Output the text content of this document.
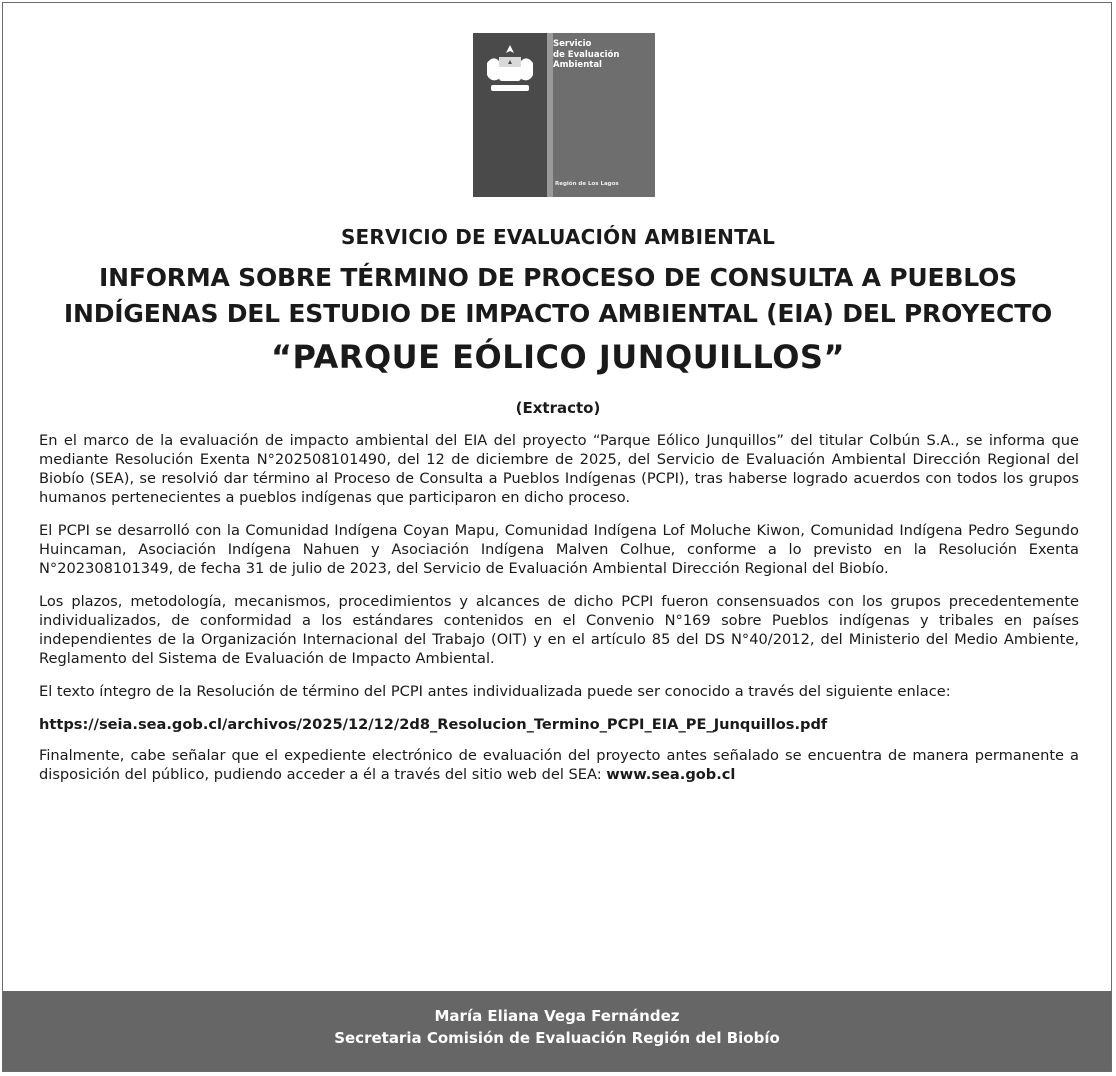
Servicio
de Evaluación
Ambiental
Región de Los Lagos
SERVICIO DE EVALUACIÓN AMBIENTAL
INFORMA SOBRE TÉRMINO DE PROCESO DE CONSULTA A PUEBLOS
INDÍGENAS DEL ESTUDIO DE IMPACTO AMBIENTAL (EIA) DEL PROYECTO
“PARQUE EÓLICO JUNQUILLOS”
(Extracto)

En el marco de la evaluación de impacto ambiental del EIA del proyecto “Parque Eólico Junquillos” del titular Colbún S.A., se informa que mediante Resolución Exenta N°202508101490, del 12 de diciembre de 2025, del Servicio de Evaluación Ambiental Dirección Regional del Biobío (SEA), se resolvió dar término al Proceso de Consulta a Pueblos Indígenas (PCPI), tras haberse logrado acuerdos con todos los grupos humanos pertenecientes a pueblos indígenas que participaron en dicho proceso.

El PCPI se desarrolló con la Comunidad Indígena Coyan Mapu, Comunidad Indígena Lof Moluche Kiwon, Comunidad Indígena Pedro Segundo Huincaman, Asociación Indígena Nahuen y Asociación Indígena Malven Colhue, conforme a lo previsto en la Resolución Exenta N°202308101349, de fecha 31 de julio de 2023, del Servicio de Evaluación Ambiental Dirección Regional del Biobío.

Los plazos, metodología, mecanismos, procedimientos y alcances de dicho PCPI fueron consensuados con los grupos precedentemente individualizados, de conformidad a los estándares contenidos en el Convenio N°169 sobre Pueblos indígenas y tribales en países independientes de la Organización Internacional del Trabajo (OIT) y en el artículo 85 del DS N°40/2012, del Ministerio del Medio Ambiente, Reglamento del Sistema de Evaluación de Impacto Ambiental.

El texto íntegro de la Resolución de término del PCPI antes individualizada puede ser conocido a través del siguiente enlace:

https://seia.sea.gob.cl/archivos/2025/12/12/2d8_Resolucion_Termino_PCPI_EIA_PE_Junquillos.pdf

Finalmente, cabe señalar que el expediente electrónico de evaluación del proyecto antes señalado se encuentra de manera permanente a disposición del público, pudiendo acceder a él a través del sitio web del SEA: www.sea.gob.cl

María Eliana Vega Fernández
Secretaria Comisión de Evaluación Región del Biobío
